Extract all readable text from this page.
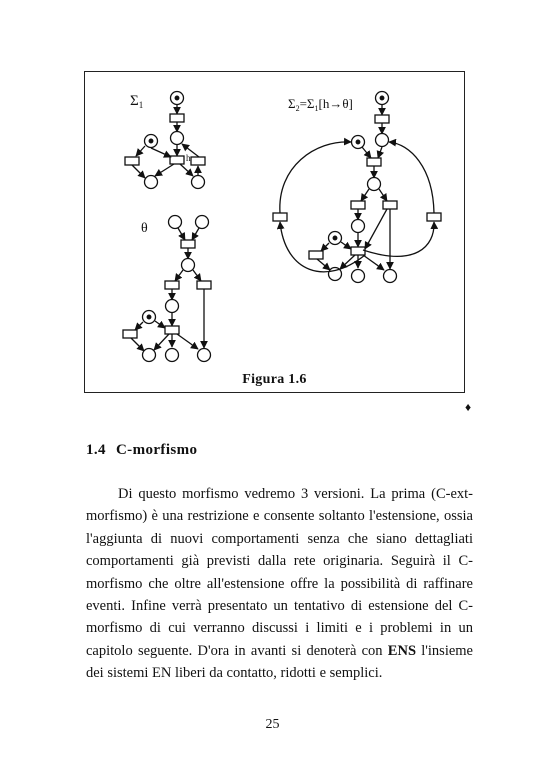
$\Sigma_1$
h
θ
$\Sigma_2=\Sigma_1[h\to\theta]$
Figura 1.6
♦
1.4 C-morfismo

Di questo morfismo vedremo 3 versioni. La prima (C-ext-morfismo) è una restrizione e consente soltanto l'estensione, ossia l'aggiunta di nuovi comportamenti senza che siano dettagliati comportamenti già previsti dalla rete originaria. Seguirà il C-morfismo che oltre all'estensione offre la possibilità di raffinare eventi. Infine verrà presentato un tentativo di estensione del C-morfismo di cui verranno discussi i limiti e i problemi in un capitolo seguente. D'ora in avanti si denoterà con ENS l'insieme dei sistemi EN liberi da contatto, ridotti e semplici.

25
